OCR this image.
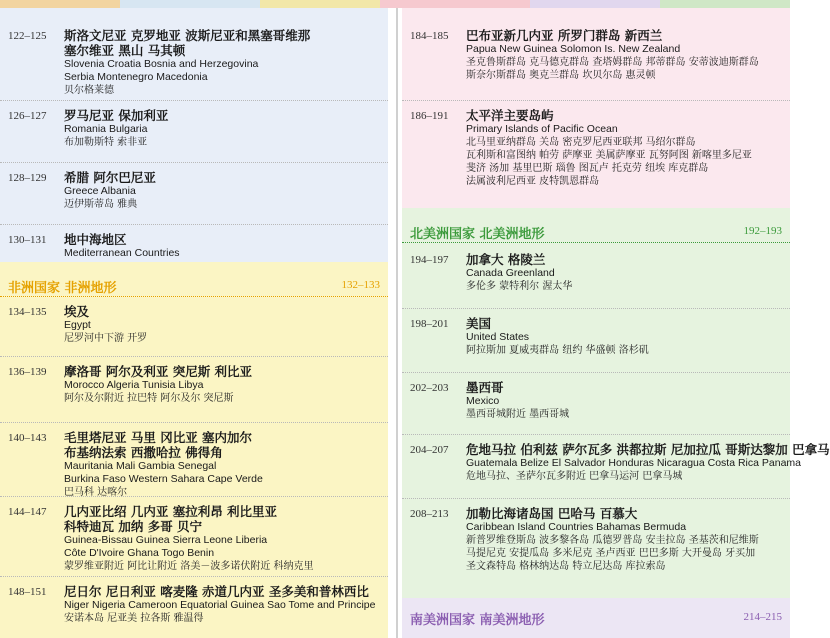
122–125 斯洛文尼亚 克罗地亚 波斯尼亚和黑塞哥维那
塞尔维亚 黑山 马其顿
Slovenia Croatia Bosnia and Herzegovina
Serbia Montenegro Macedonia
贝尔格莱德
126–127 罗马尼亚 保加利亚
Romania Bulgaria
布加勒斯特 索非亚
128–129 希腊 阿尔巴尼亚
Greece Albania
迈伊斯蒂岛 雅典
130–131 地中海地区
Mediterranean Countries
非洲国家 非洲地形	132–133
134–135 埃及
Egypt
尼罗河中下游 开罗
136–139 摩洛哥 阿尔及利亚 突尼斯 利比亚
Morocco Algeria Tunisia Libya
阿尔及尔附近 拉巴特 阿尔及尔 突尼斯
140–143 毛里塔尼亚 马里 冈比亚 塞内加尔
布基纳法索 西撒哈拉 佛得角
Mauritania Mali Gambia Senegal
Burkina Faso Western Sahara Cape Verde
巴马科 达喀尔
144–147 几内亚比绍 几内亚 塞拉利昂 利比里亚
科特迪瓦 加纳 多哥 贝宁
Guinea-Bissau Guinea Sierra Leone Liberia
Côte D'Ivoire Ghana Togo Benin
蒙罗维亚附近 阿比让附近 洛美－波多诺伏附近 科纳克里
148–151 尼日尔 尼日利亚 喀麦隆 赤道几内亚 圣多美和普林西比
Niger Nigeria Cameroon Equatorial Guinea Sao Tome and Principe
安诺本岛 尼亚美 拉各斯 雅温得
184–185 巴布亚新几内亚 所罗门群岛 新西兰
Papua New Guinea Solomon Is. New Zealand
圣克鲁斯群岛 克马德克群岛 查塔姆群岛 邦蒂群岛 安蒂波迪斯群岛
斯奈尔斯群岛 奥克兰群岛 坎贝尔岛 惠灵顿
186–191 太平洋主要岛屿
Primary Islands of Pacific Ocean
北马里亚纳群岛 关岛 密克罗尼西亚联邦 马绍尔群岛
瓦利斯和富图纳 帕劳 萨摩亚 美属萨摩亚 瓦努阿图 新喀里多尼亚
斐济 汤加 基里巴斯 瑙鲁 图瓦卢 托克劳 纽埃 库克群岛
法属波利尼西亚 皮特凯恩群岛
北美洲国家 北美洲地形	192–193
194–197 加拿大 格陵兰
Canada Greenland
多伦多 蒙特利尔 渥太华
198–201 美国
United States
阿拉斯加 夏威夷群岛 纽约 华盛顿 洛杉矶
202–203 墨西哥
Mexico
墨西哥城附近 墨西哥城
204–207 危地马拉 伯利兹 萨尔瓦多 洪都拉斯 尼加拉瓜 哥斯达黎加 巴拿马
Guatemala Belize El Salvador Honduras Nicaragua Costa Rica Panama
危地马拉、圣萨尔瓦多附近 巴拿马运河 巴拿马城
208–213 加勒比海诸岛国 巴哈马 百慕大
Caribbean Island Countries Bahamas Bermuda
新普罗维登斯岛 波多黎各岛 瓜德罗普岛 安圭拉岛 圣基茨和尼维斯
马提尼克 安提瓜岛 多米尼克 圣卢西亚 巴巴多斯 大开曼岛 牙买加
圣文森特岛 格林纳达岛 特立尼达岛 库拉索岛
南美洲国家 南美洲地形	214–215
